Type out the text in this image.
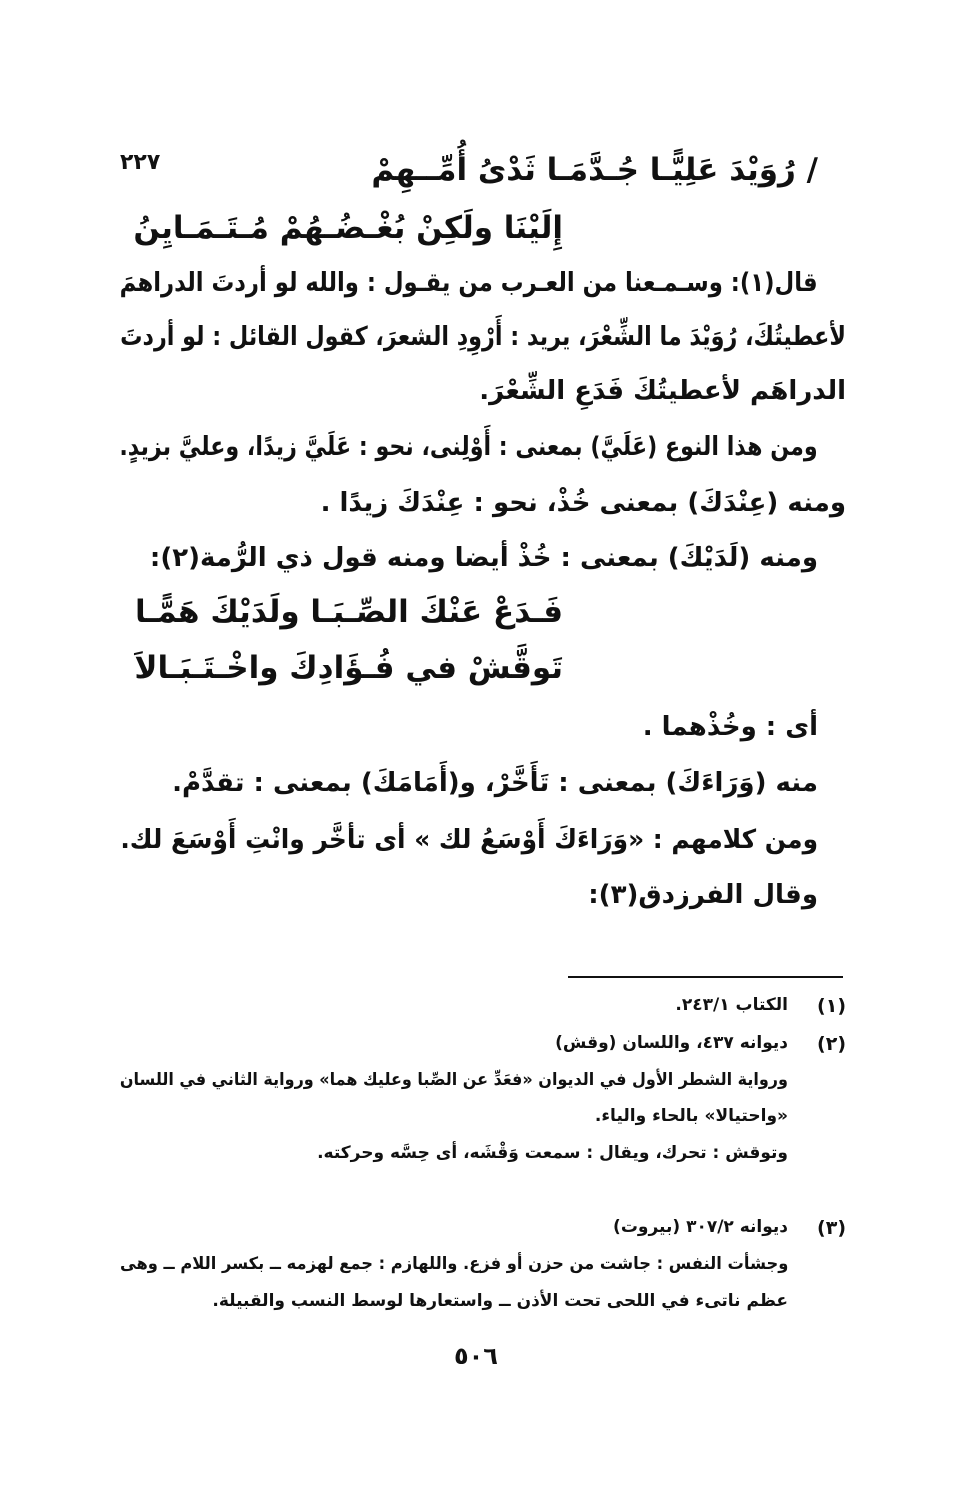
٢٢٧	/ رُوَيْدَ عَلِيًّـا جُـدَّمَـا ثَدْىُ أُمِّــهِمْ
إِلَيْنَا ولَكِنْ بُغْـضُـهُمْ مُـتَـمَـايِنُ
قال(١): وسـمـعنا من العـرب من يقـول : والله لو أردتَ الدراهمَ
لأعطيتُكَ، رُوَيْدَ ما الشِّعْرَ، يريد : أَرْوِدِ الشعرَ، كقول القائل : لو أردتَ
الدراهَم لأعطيتُكَ فَدَعِ الشِّعْرَ.
ومن هذا النوع (عَلَيَّ) بمعنى : أَوْلِنى، نحو : عَلَيَّ زيدًا، وعليَّ بزيدٍ.
ومنه (عِنْدَكَ) بمعنى خُذْ، نحو : عِنْدَكَ زيدًا .
ومنه (لَدَيْكَ) بمعنى : خُذْ أيضا ومنه قول ذي الرُّمة(٢):
فَـدَعْ عَنْكَ الصِّـبَـا ولَدَيْكَ هَمًّـا
تَوقَّشْ في فُـؤَادِكَ واخْـتَـبَـالاَ
أى : وخُذْهما .
منه (وَرَاءَكَ) بمعنى : تَأَخَّرْ، و(أَمَامَكَ) بمعنى : تقدَّمْ.
ومن كلامهم : «وَرَاءَكَ أَوْسَعُ لك » أى تأخَّر وانْتِ أَوْسَعَ لك.
وقال الفرزدق(٣):
(١)
الكتاب ٢٤٣/١.
(٢)
ديوانه ٤٣٧، واللسان (وقش)
ورواية الشطر الأول في الديوان «فعَدِّ عن الصِّبا وعليك هما» ورواية الثاني في اللسان
«واحتيالا» بالحاء والياء.
وتوقش : تحرك، ويقال : سمعت وَقْشَه، أى حِسَّه وحركته.
(٣)
ديوانه ٣٠٧/٢ (بيروت)
وجشأت النفس : جاشت من حزن أو فزع. واللهازم : جمع لهزمه ــ بكسر اللام ــ وهى
عظم ناتىء في اللحى تحت الأذن ــ واستعارها لوسط النسب والقبيلة.
٥٠٦
